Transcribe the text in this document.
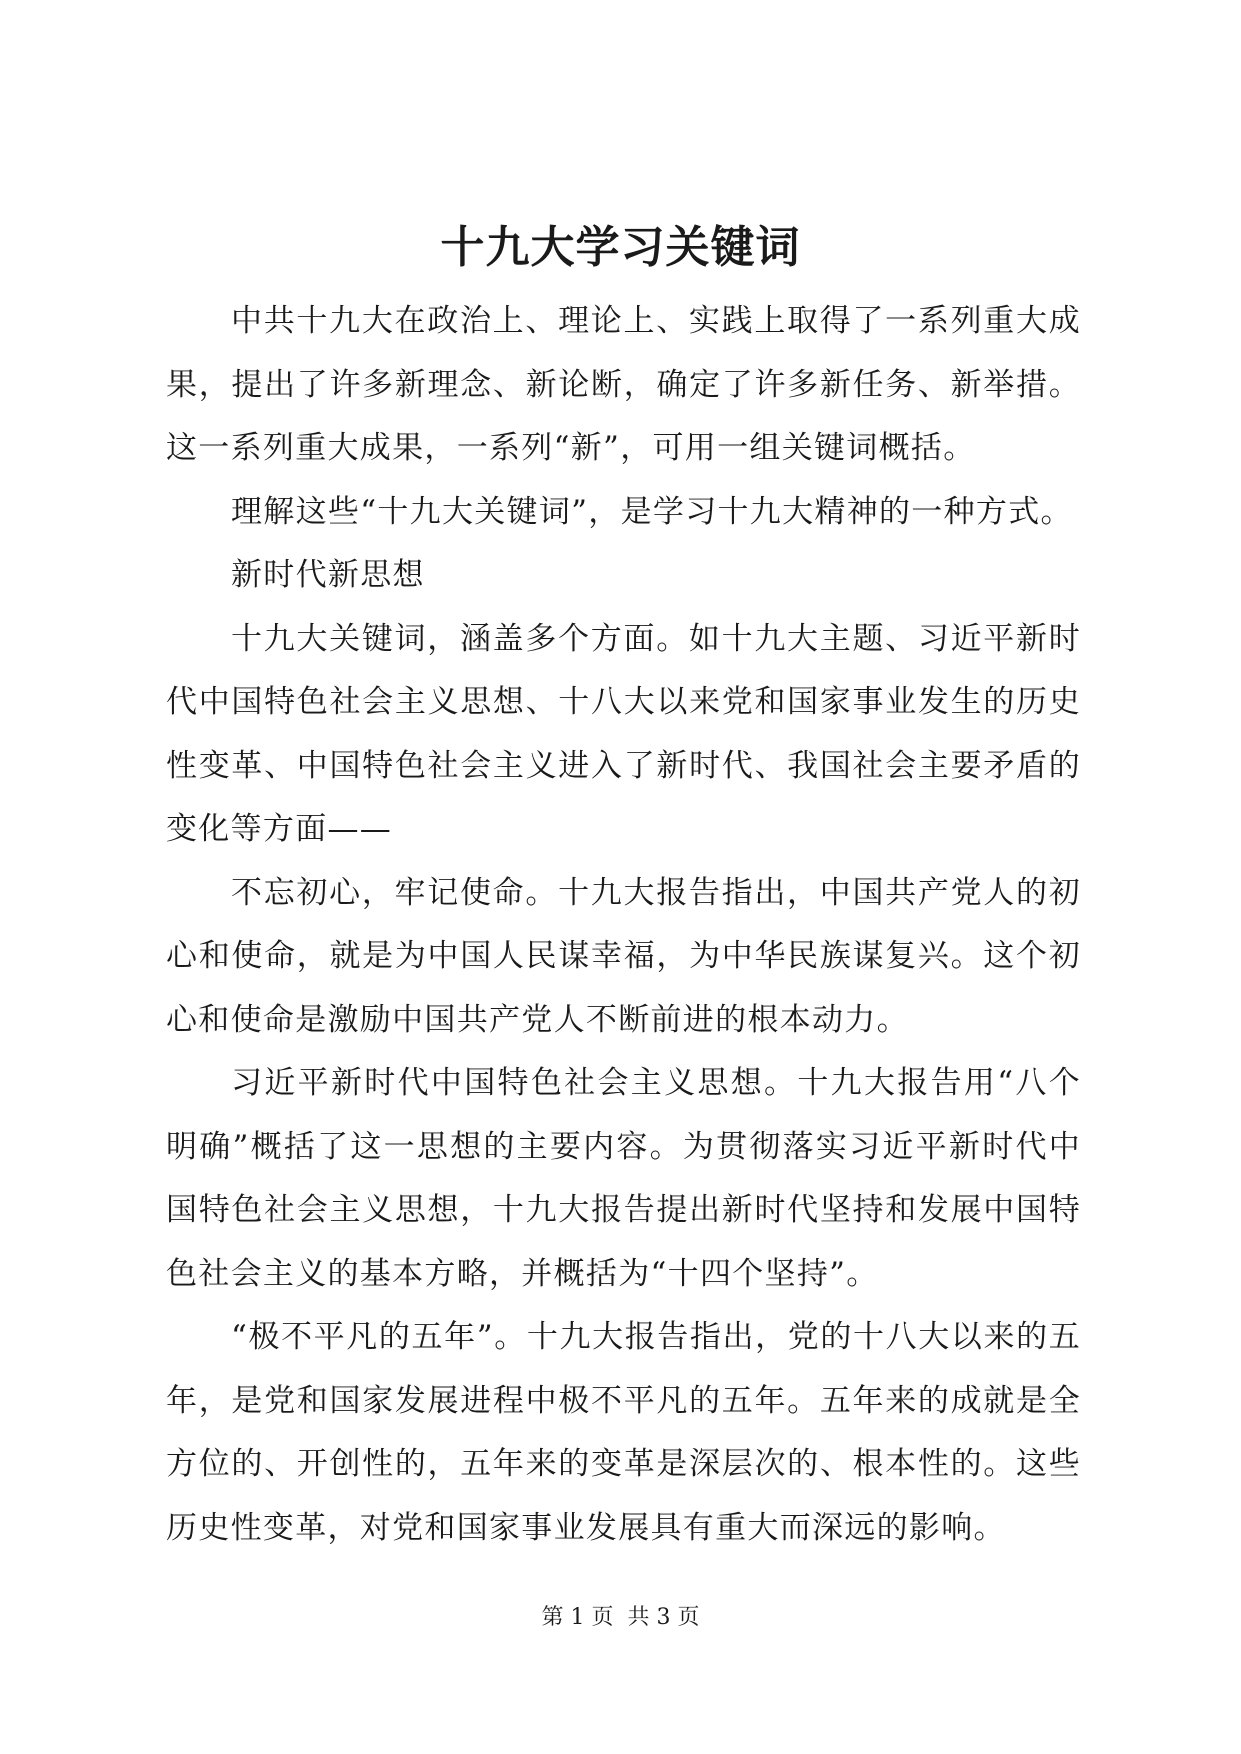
十九大学习关键词

中共十九大在政治上、理论上、实践上取得了一系列重大成果，提出了许多新理念、新论断，确定了许多新任务、新举措。这一系列重大成果，一系列“新”，可用一组关键词概括。

理解这些“十九大关键词”，是学习十九大精神的一种方式。

新时代新思想

十九大关键词，涵盖多个方面。如十九大主题、习近平新时代中国特色社会主义思想、十八大以来党和国家事业发生的历史性变革、中国特色社会主义进入了新时代、我国社会主要矛盾的变化等方面——

不忘初心，牢记使命。十九大报告指出，中国共产党人的初心和使命，就是为中国人民谋幸福，为中华民族谋复兴。这个初心和使命是激励中国共产党人不断前进的根本动力。

习近平新时代中国特色社会主义思想。十九大报告用“八个明确”概括了这一思想的主要内容。为贯彻落实习近平新时代中国特色社会主义思想，十九大报告提出新时代坚持和发展中国特色社会主义的基本方略，并概括为“十四个坚持”。

“极不平凡的五年”。十九大报告指出，党的十八大以来的五年，是党和国家发展进程中极不平凡的五年。五年来的成就是全方位的、开创性的，五年来的变革是深层次的、根本性的。这些历史性变革，对党和国家事业发展具有重大而深远的影响。

第 1 页  共 3 页
